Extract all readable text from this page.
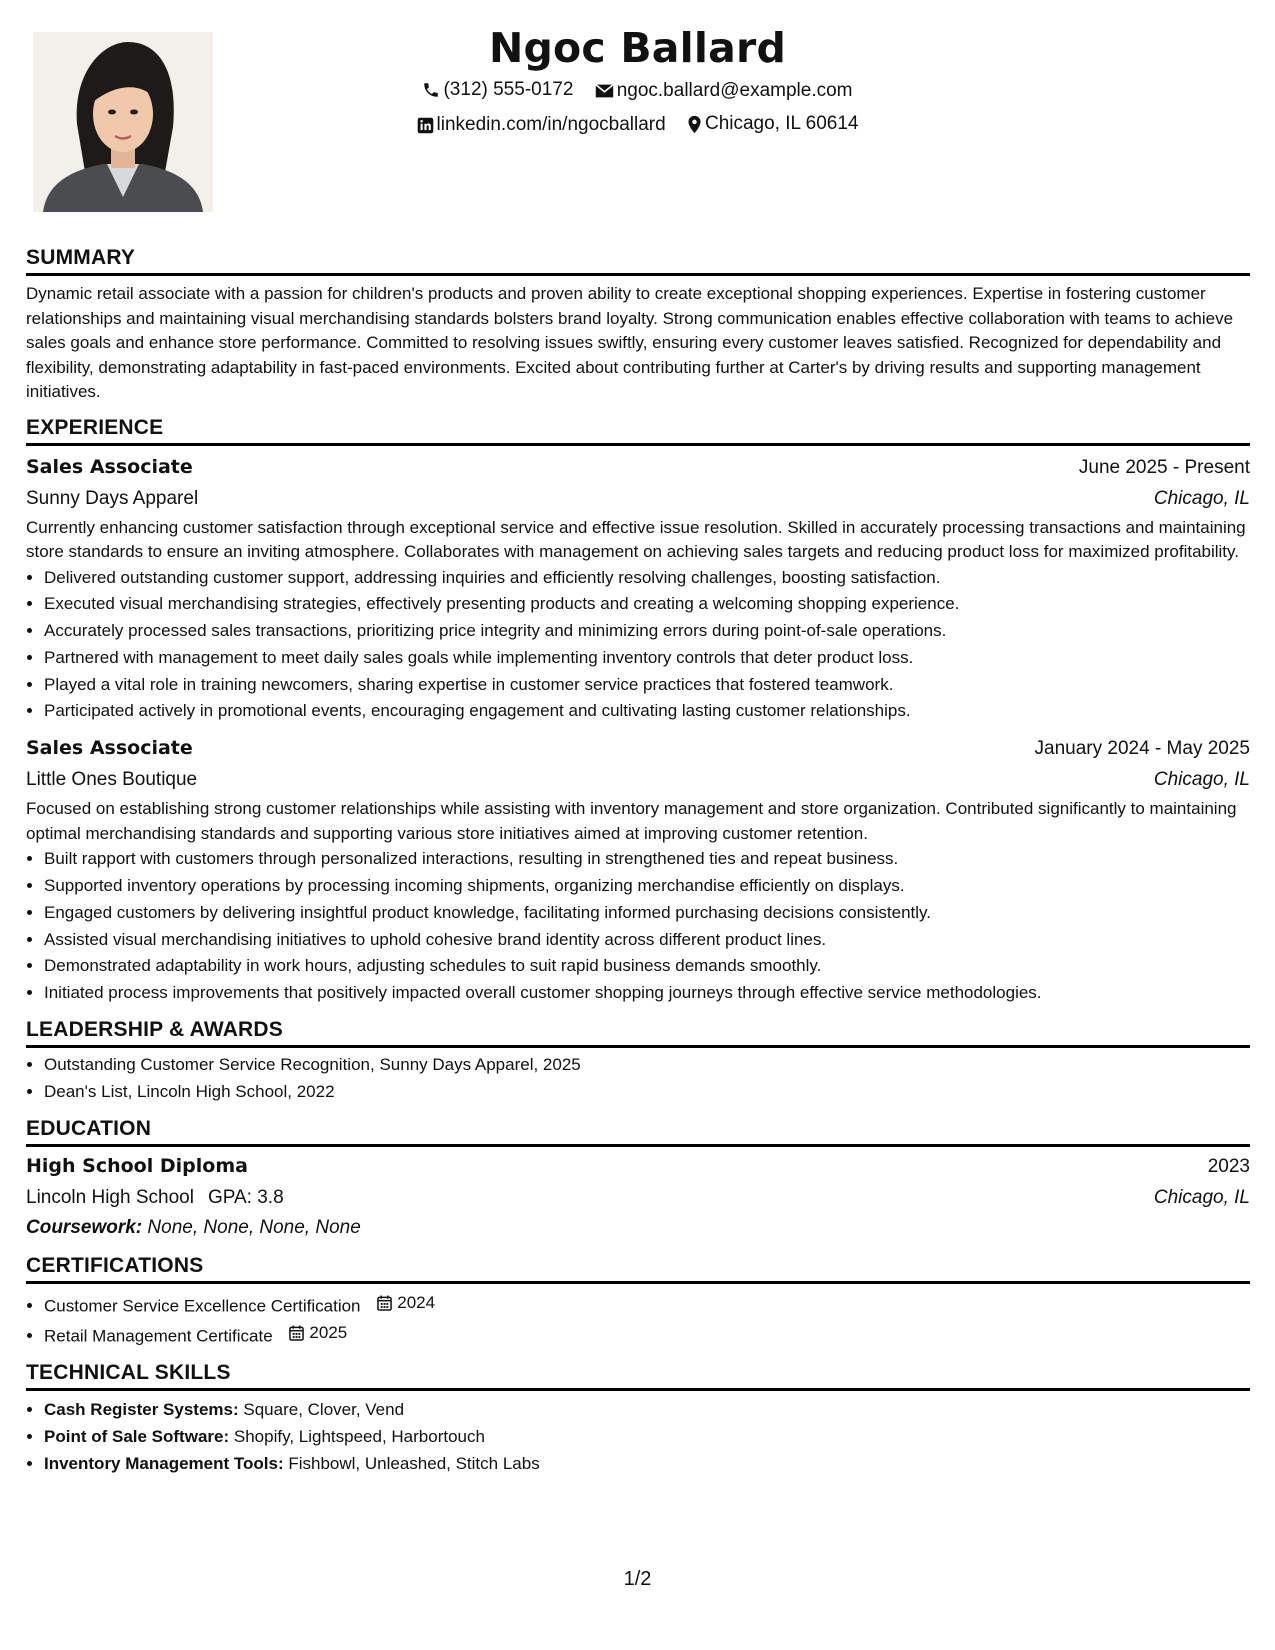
Ngoc Ballard
(312) 555-0172
ngoc.ballard@example.com
linkedin.com/in/ngocballard
Chicago, IL 60614
SUMMARY

Dynamic retail associate with a passion for children's products and proven ability to create exceptional shopping experiences. Expertise in fostering customer relationships and maintaining visual merchandising standards bolsters brand loyalty. Strong communication enables effective collaboration with teams to achieve sales goals and enhance store performance. Committed to resolving issues swiftly, ensuring every customer leaves satisfied. Recognized for dependability and flexibility, demonstrating adaptability in fast-paced environments. Excited about contributing further at Carter's by driving results and supporting management initiatives.

EXPERIENCE
Sales Associate	June 2025 - Present
Sunny Days Apparel	Chicago, IL

Currently enhancing customer satisfaction through exceptional service and effective issue resolution. Skilled in accurately processing transactions and maintaining store standards to ensure an inviting atmosphere. Collaborates with management on achieving sales targets and reducing product loss for maximized profitability.

• Delivered outstanding customer support, addressing inquiries and efficiently resolving challenges, boosting satisfaction.
• Executed visual merchandising strategies, effectively presenting products and creating a welcoming shopping experience.
• Accurately processed sales transactions, prioritizing price integrity and minimizing errors during point-of-sale operations.
• Partnered with management to meet daily sales goals while implementing inventory controls that deter product loss.
• Played a vital role in training newcomers, sharing expertise in customer service practices that fostered teamwork.
• Participated actively in promotional events, encouraging engagement and cultivating lasting customer relationships.
Sales Associate	January 2024 - May 2025
Little Ones Boutique	Chicago, IL

Focused on establishing strong customer relationships while assisting with inventory management and store organization. Contributed significantly to maintaining optimal merchandising standards and supporting various store initiatives aimed at improving customer retention.

• Built rapport with customers through personalized interactions, resulting in strengthened ties and repeat business.
• Supported inventory operations by processing incoming shipments, organizing merchandise efficiently on displays.
• Engaged customers by delivering insightful product knowledge, facilitating informed purchasing decisions consistently.
• Assisted visual merchandising initiatives to uphold cohesive brand identity across different product lines.
• Demonstrated adaptability in work hours, adjusting schedules to suit rapid business demands smoothly.
• Initiated process improvements that positively impacted overall customer shopping journeys through effective service methodologies.
LEADERSHIP & AWARDS
• Outstanding Customer Service Recognition, Sunny Days Apparel, 2025
• Dean's List, Lincoln High School, 2022
EDUCATION
High School Diploma	2023
Lincoln High School GPA: 3.8	Chicago, IL
Coursework: None, None, None, None
CERTIFICATIONS
• Customer Service Excellence Certification 2024
• Retail Management Certificate 2025
TECHNICAL SKILLS
• Cash Register Systems: Square, Clover, Vend
• Point of Sale Software: Shopify, Lightspeed, Harbortouch
• Inventory Management Tools: Fishbowl, Unleashed, Stitch Labs
1/2
